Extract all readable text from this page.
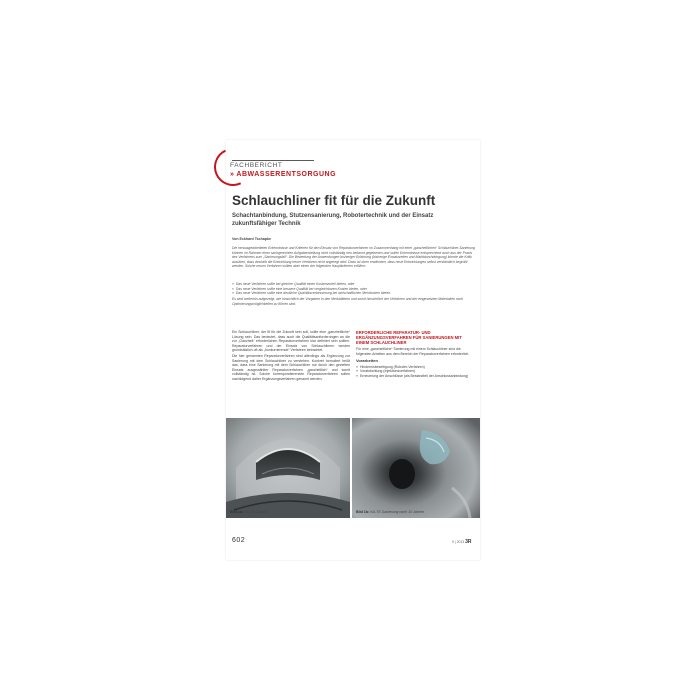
FACHBERICHT
» ABWASSERENTSORGUNG
Schlauchliner fit für die Zukunft
Schachtanbindung, Stutzensanierung, Robotertechnik und der Einsatz zukunftsfähiger Technik
Von Eckhard Tschapke
Die herausgearbeiteten Erkenntnisse und Kriterien für den Einsatz von Reparaturverfahren im Zusammenhang mit einer „ganzheitlichen“ Schlauchliner-Sanierung können im Rahmen einer sachgerechten Aufgabenstellung nicht vollständig neu bekannt gegebenen und sollen Erkenntnisse entsprechend auch aus der Praxis des Verfahrens zum „Sanierungsfall“. Die Bewertung der Anwendungen bisheriger Erfahrung (bisherige Einsatzzeiten und Marktdurchdringung) könnte die Kritik ausüben, dass deshalb die Entwicklung neuer Verfahren nicht angeregt wird. Dazu ist oben erwähnten, dass neue Entwicklungen selbst verständlich begrüßt werden. Solche neuen Verfahren sollten aber einen der folgenden Hauptkriterien erfüllen:
» Das neue Verfahren sollte bei gleicher Qualität einen Kostenvorteil bieten, oder
» Das neue Verfahren sollte eine bessere Qualität bei vergleichbaren Kosten bieten, oder
» Das neue Verfahren sollte eine deutliche Qualitätsverbesserung bei wirtschaftlichen Mehrkosten bieten.
Es wird weiterhin aufgezeigt, wie hinsichtlich der Vorgaben in den Merkblättern und somit hinsichtlich der Verfahren und der eingesetzten Materialien noch Optimierungsmöglichkeiten zu führen sind.

Ein Schlauchliner, der fit für die Zukunft sein soll, sollte eine „ganzheitliche“ Lösung sein. Das bedeutet, dass auch die Qualitätsanforderungen an die zur „Ganzheit“ erforderlichen Reparaturverfahren klar definiert sein sollten. Reparaturverfahren und der Einsatz von Schlauchlinern werden grundsätzlich oft als „konkurrierende“ Verfahren betrachtet.

Die hier genannten Reparaturverfahren sind allerdings als Ergänzung zur Sanierung mit dem Schlauchliner zu verstehen. Konkret formuliert heißt das, dass eine Sanierung mit dem Schlauchliner nur durch den gezielten Einsatz ausgewählter Reparaturverfahren „ganzheitlich“ und somit vollständig ist. Solche korrespondierenden Reparaturverfahren sollen nachfolgend daher Ergänzungsverfahren genannt werden.

ERFORDERLICHE REPARATUR- UND ERGÄNZUNGSVERFAHREN FÜR SANIERUNGEN MIT EINEM SCHLAUCHLINER

Für eine „ganzheitliche“ Sanierung mit einem Schlauchliner sind die folgenden Arbeiten aus dem Bereich der Reparaturverfahren erforderlich.

Vorarbeiten
» Hindernisbeseitigung (Roboter-Verfahren)
» Vorabdichtung (Injektionsverfahren)
» Erneuerung der Anschlüsse (als Bestandteil der Anschlussanbindung)
Bild 1a: KA-TE-Zulauf	Bild 1b: KA-TE-Sanierung nach 10 Jahren
602	9 | 2013 3R
